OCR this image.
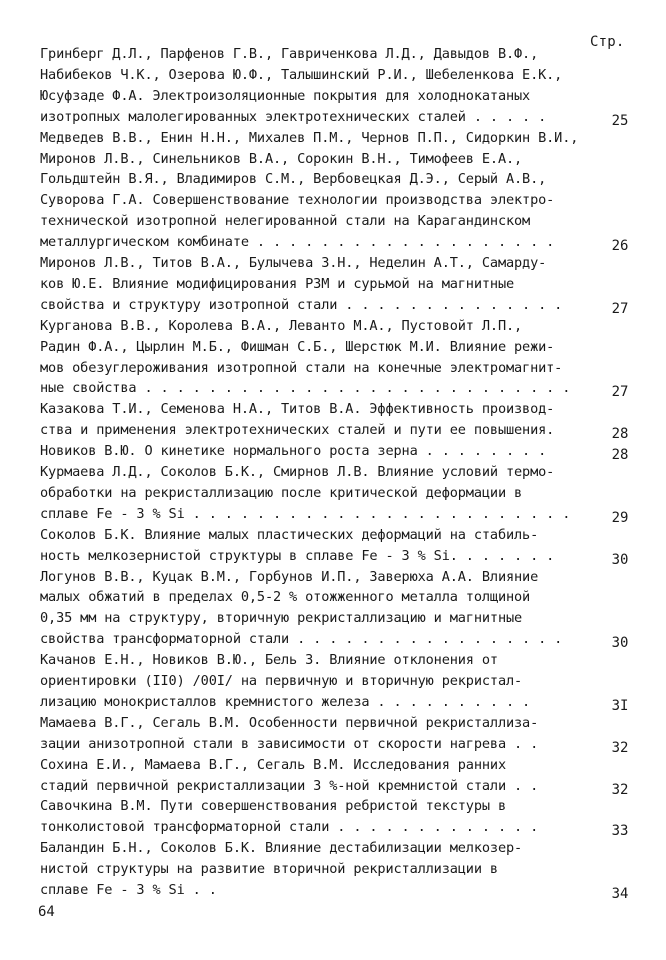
Стр.
Гринберг Д.Л., Парфенов Г.В., Гавриченкова Л.Д., Давыдов В.Ф.,
Набибеков Ч.К., Озерова Ю.Ф., Талышинский Р.И., Шебеленкова Е.К.,
Юсуфзаде Ф.А. Электроизоляционные покрытия для холоднокатаных
изотропных малолегированных электротехнических сталей . . . . .	25
Медведев В.В., Енин Н.Н., Михалев П.М., Чернов П.П., Сидоркин В.И.,
Миронов Л.В., Синельников В.А., Сорокин В.Н., Тимофеев Е.А.,
Гольдштейн В.Я., Владимиров С.М., Вербовецкая Д.Э., Серый А.В.,
Суворова Г.А. Совершенствование технологии производства электро-
технической изотропной нелегированной стали на Карагандинском
металлургическом комбинате . . . . . . . . . . . . . . . . . . .	26
Миронов Л.В., Титов В.А., Булычева З.Н., Неделин А.Т., Самарду-
ков Ю.Е. Влияние модифицирования РЗМ и сурьмой на магнитные
свойства и структуру изотропной стали . . . . . . . . . . . . . .	27
Курганова В.В., Королева В.А., Леванто М.А., Пустовойт Л.П.,
Радин Ф.А., Цырлин М.Б., Фишман С.Б., Шерстюк М.И. Влияние режи-
мов обезуглероживания изотропной стали на конечные электромагнит-
ные свойства . . . . . . . . . . . . . . . . . . . . . . . . . . .	27
Казакова Т.И., Семенова Н.А., Титов В.А. Эффективность производ-
ства и применения электротехнических сталей и пути ее повышения.	28
Новиков В.Ю. О кинетике нормального роста зерна . . . . . . . .	28
Курмаева Л.Д., Соколов Б.К., Смирнов Л.В. Влияние условий термо-
обработки на рекристаллизацию после критической деформации в
сплаве Fe - 3 % Si . . . . . . . . . . . . . . . . . . . . . . . .	29
Соколов Б.К. Влияние малых пластических деформаций на стабиль-
ность мелкозернистой структуры в сплаве Fe - 3 % Si. . . . . . .	30
Логунов В.В., Куцак В.М., Горбунов И.П., Заверюха А.А. Влияние
малых обжатий в пределах 0,5-2 % отожженного металла толщиной
0,35 мм на структуру, вторичную рекристаллизацию и магнитные
свойства трансформаторной стали . . . . . . . . . . . . . . . . .	30
Качанов Е.Н., Новиков В.Ю., Бель З. Влияние отклонения от
ориентировки (II0) /00I/ на первичную и вторичную рекристал-
лизацию монокристаллов кремнистого железа . . . . . . . . . .	3I
Мамаева В.Г., Сегаль В.М. Особенности первичной рекристаллиза-
зации анизотропной стали в зависимости от скорости нагрева . .	32
Сохина Е.И., Мамаева В.Г., Сегаль В.М. Исследования ранних
стадий первичной рекристаллизации 3 %-ной кремнистой стали . .	32
Савочкина В.М. Пути совершенствования ребристой текстуры в
тонколистовой трансформаторной стали . . . . . . . . . . . . .	33
Баландин Б.Н., Соколов Б.К. Влияние дестабилизации мелкозер-
нистой структуры на развитие вторичной рекристаллизации в
сплаве Fe - 3 % Si . .	34
64
